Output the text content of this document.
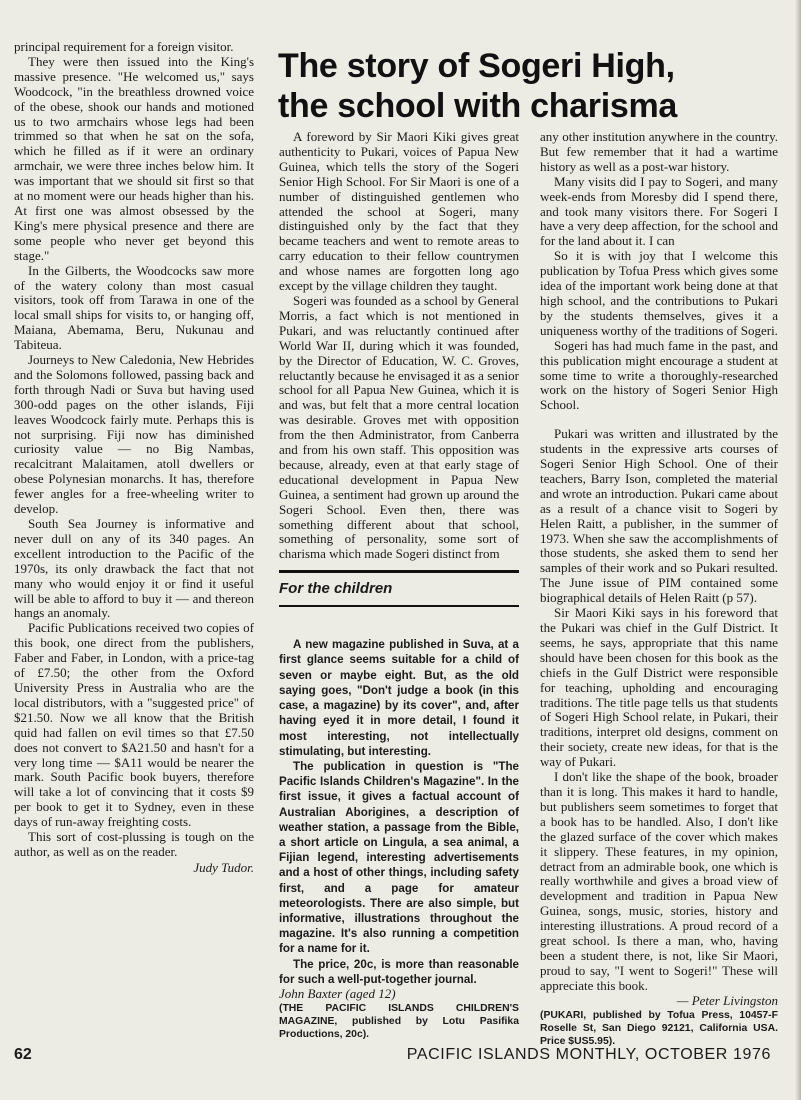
principal requirement for a foreign visitor.

They were then issued into the King's massive presence. "He welcomed us," says Woodcock, "in the breathless drowned voice of the obese, shook our hands and motioned us to two armchairs whose legs had been trimmed so that when he sat on the sofa, which he filled as if it were an ordinary armchair, we were three inches below him. It was important that we should sit first so that at no moment were our heads higher than his. At first one was almost obsessed by the King's mere physical presence and there are some people who never get beyond this stage."

In the Gilberts, the Woodcocks saw more of the watery colony than most casual visitors, took off from Tarawa in one of the local small ships for visits to, or hanging off, Maiana, Abemama, Beru, Nukunau and Tabiteua.

Journeys to New Caledonia, New Hebrides and the Solomons followed, passing back and forth through Nadi or Suva but having used 300-odd pages on the other islands, Fiji leaves Woodcock fairly mute. Perhaps this is not surprising. Fiji now has diminished curiosity value — no Big Nambas, recalcitrant Malaitamen, atoll dwellers or obese Polynesian monarchs. It has, therefore fewer angles for a free-wheeling writer to develop.

South Sea Journey is informative and never dull on any of its 340 pages. An excellent introduction to the Pacific of the 1970s, its only drawback the fact that not many who would enjoy it or find it useful will be able to afford to buy it — and thereon hangs an anomaly.

Pacific Publications received two copies of this book, one direct from the publishers, Faber and Faber, in London, with a price-tag of £7.50; the other from the Oxford University Press in Australia who are the local distributors, with a "suggested price" of $21.50. Now we all know that the British quid had fallen on evil times so that £7.50 does not convert to $A21.50 and hasn't for a very long time — $A11 would be nearer the mark. South Pacific book buyers, therefore will take a lot of convincing that it costs $9 per book to get it to Sydney, even in these days of run-away freighting costs.

This sort of cost-plussing is tough on the author, as well as on the reader.

Judy Tudor.
The story of Sogeri High,
the school with charisma

A foreword by Sir Maori Kiki gives great authenticity to Pukari, voices of Papua New Guinea, which tells the story of the Sogeri Senior High School. For Sir Maori is one of a number of distinguished gentlemen who attended the school at Sogeri, many distinguished only by the fact that they became teachers and went to remote areas to carry education to their fellow countrymen and whose names are forgotten long ago except by the village children they taught.

Sogeri was founded as a school by General Morris, a fact which is not mentioned in Pukari, and was reluctantly continued after World War II, during which it was founded, by the Director of Education, W. C. Groves, reluctantly because he envisaged it as a senior school for all Papua New Guinea, which it is and was, but felt that a more central location was desirable. Groves met with opposition from the then Administrator, from Canberra and from his own staff. This opposition was because, already, even at that early stage of educational development in Papua New Guinea, a sentiment had grown up around the Sogeri School. Even then, there was something different about that school, something of personality, some sort of charisma which made Sogeri distinct from

For the children

A new magazine published in Suva, at a first glance seems suitable for a child of seven or maybe eight. But, as the old saying goes, "Don't judge a book (in this case, a magazine) by its cover", and, after having eyed it in more detail, I found it most interesting, not intellectually stimulating, but interesting.

The publication in question is "The Pacific Islands Children's Magazine". In the first issue, it gives a factual account of Australian Aborigines, a description of weather station, a passage from the Bible, a short article on Lingula, a sea animal, a Fijian legend, interesting advertisements and a host of other things, including safety first, and a page for amateur meteorologists. There are also simple, but informative, illustrations throughout the magazine. It's also running a competition for a name for it.

The price, 20c, is more than reasonable for such a well-put-together journal.

John Baxter (aged 12)

(THE PACIFIC ISLANDS CHILDREN'S MAGAZINE, published by Lotu Pasifika Productions, 20c).

any other institution anywhere in the country. But few remember that it had a wartime history as well as a post-war history.

Many visits did I pay to Sogeri, and many week-ends from Moresby did I spend there, and took many visitors there. For Sogeri I have a very deep affection, for the school and for the land about it. I can

So it is with joy that I welcome this publication by Tofua Press which gives some idea of the important work being done at that high school, and the contributions to Pukari by the students themselves, gives it a uniqueness worthy of the traditions of Sogeri.

Sogeri has had much fame in the past, and this publication might encourage a student at some time to write a thoroughly-researched work on the history of Sogeri Senior High School.

Pukari was written and illustrated by the students in the expressive arts courses of Sogeri Senior High School. One of their teachers, Barry Ison, completed the material and wrote an introduction. Pukari came about as a result of a chance visit to Sogeri by Helen Raitt, a publisher, in the summer of 1973. When she saw the accomplishments of those students, she asked them to send her samples of their work and so Pukari resulted. The June issue of PIM contained some biographical details of Helen Raitt (p 57).

Sir Maori Kiki says in his foreword that the Pukari was chief in the Gulf District. It seems, he says, appropriate that this name should have been chosen for this book as the chiefs in the Gulf District were responsible for teaching, upholding and encouraging traditions. The title page tells us that students of Sogeri High School relate, in Pukari, their traditions, interpret old designs, comment on their society, create new ideas, for that is the way of Pukari.

I don't like the shape of the book, broader than it is long. This makes it hard to handle, but publishers seem sometimes to forget that a book has to be handled. Also, I don't like the glazed surface of the cover which makes it slippery. These features, in my opinion, detract from an admirable book, one which is really worthwhile and gives a broad view of development and tradition in Papua New Guinea, songs, music, stories, history and interesting illustrations. A proud record of a great school. Is there a man, who, having been a student there, is not, like Sir Maori, proud to say, "I went to Sogeri!" These will appreciate this book.

— Peter Livingston

(PUKARI, published by Tofua Press, 10457-F Roselle St, San Diego 92121, California USA. Price $US5.95).

62	PACIFIC ISLANDS MONTHLY, OCTOBER 1976
